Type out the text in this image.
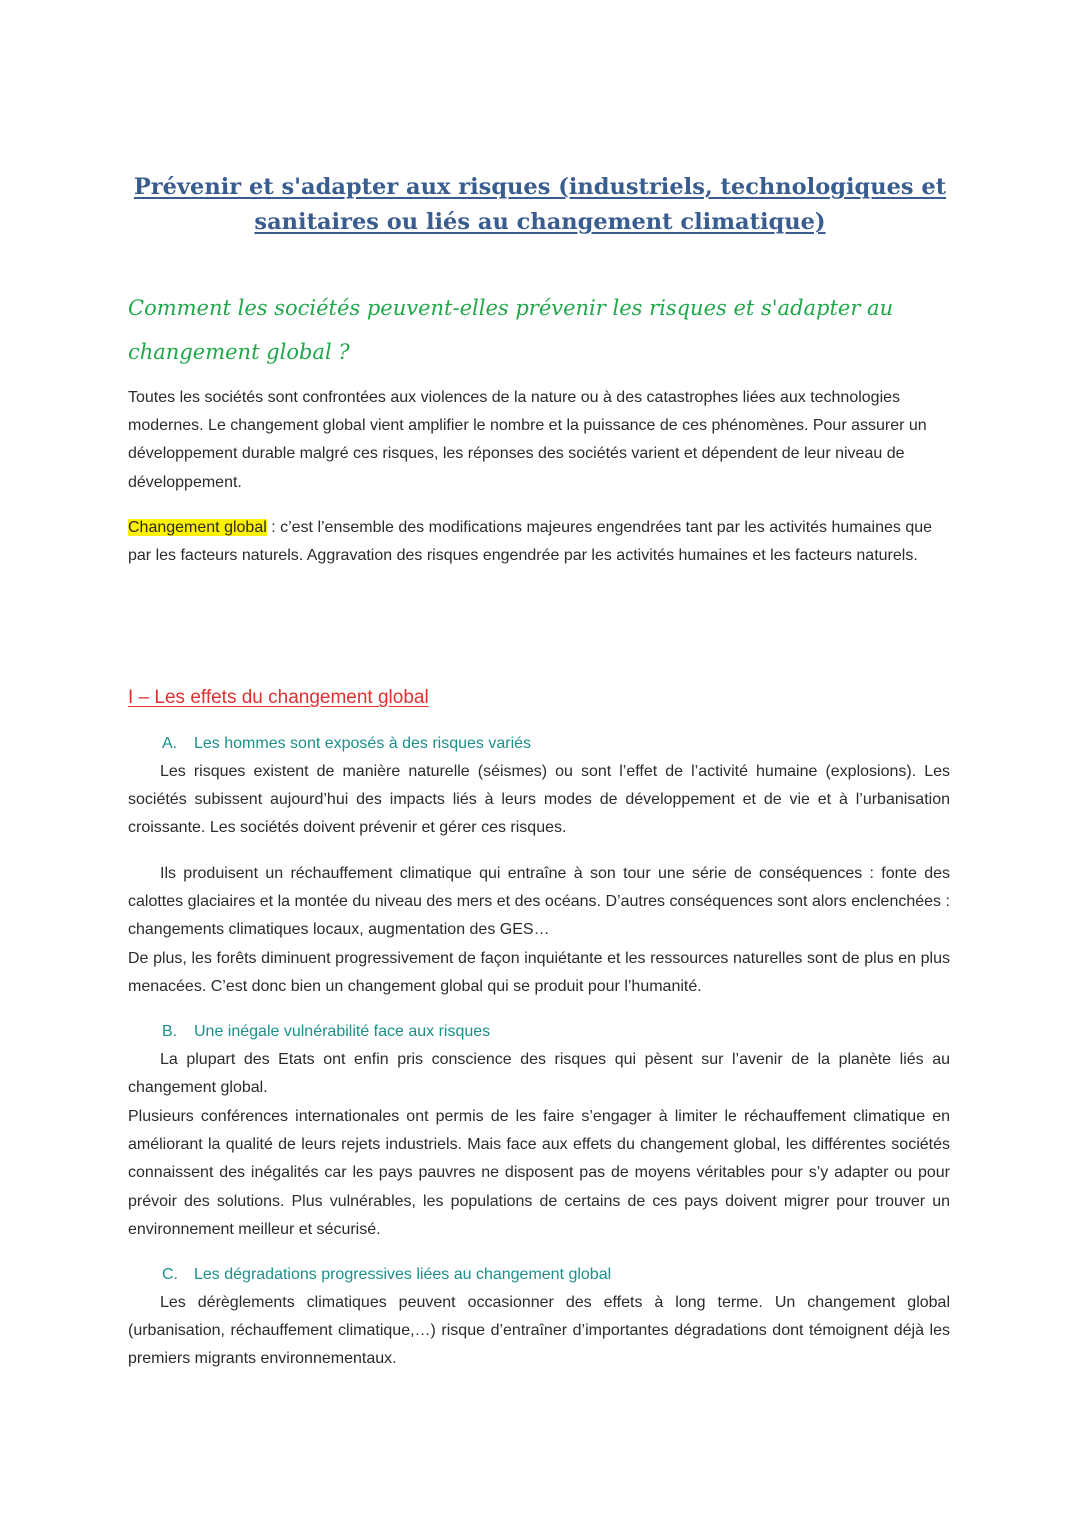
Prévenir et s'adapter aux risques (industriels, technologiques et
sanitaires ou liés au changement climatique)
Comment les sociétés peuvent-elles prévenir les risques et s'adapter au changement global ?

Toutes les sociétés sont confrontées aux violences de la nature ou à des catastrophes liées aux technologies modernes. Le changement global vient amplifier le nombre et la puissance de ces phénomènes. Pour assurer un développement durable malgré ces risques, les réponses des sociétés varient et dépendent de leur niveau de développement.

Changement global : c’est l’ensemble des modifications majeures engendrées tant par les activités humaines que par les facteurs naturels. Aggravation des risques engendrée par les activités humaines et les facteurs naturels.

I – Les effets du changement global
A. Les hommes sont exposés à des risques variés

Les risques existent de manière naturelle (séismes) ou sont l’effet de l’activité humaine (explosions). Les sociétés subissent aujourd’hui des impacts liés à leurs modes de développement et de vie et à l’urbanisation croissante. Les sociétés doivent prévenir et gérer ces risques.

Ils produisent un réchauffement climatique qui entraîne à son tour une série de conséquences : fonte des calottes glaciaires et la montée du niveau des mers et des océans. D’autres conséquences sont alors enclenchées : changements climatiques locaux, augmentation des GES…

De plus, les forêts diminuent progressivement de façon inquiétante et les ressources naturelles sont de plus en plus menacées. C’est donc bien un changement global qui se produit pour l’humanité.

B. Une inégale vulnérabilité face aux risques

La plupart des Etats ont enfin pris conscience des risques qui pèsent sur l’avenir de la planète liés au changement global.

Plusieurs conférences internationales ont permis de les faire s’engager à limiter le réchauffement climatique en améliorant la qualité de leurs rejets industriels. Mais face aux effets du changement global, les différentes sociétés connaissent des inégalités car les pays pauvres ne disposent pas de moyens véritables pour s’y adapter ou pour prévoir des solutions. Plus vulnérables, les populations de certains de ces pays doivent migrer pour trouver un environnement meilleur et sécurisé.

C. Les dégradations progressives liées au changement global

Les dérèglements climatiques peuvent occasionner des effets à long terme. Un changement global (urbanisation, réchauffement climatique,…) risque d’entraîner d’importantes dégradations dont témoignent déjà les premiers migrants environnementaux.
